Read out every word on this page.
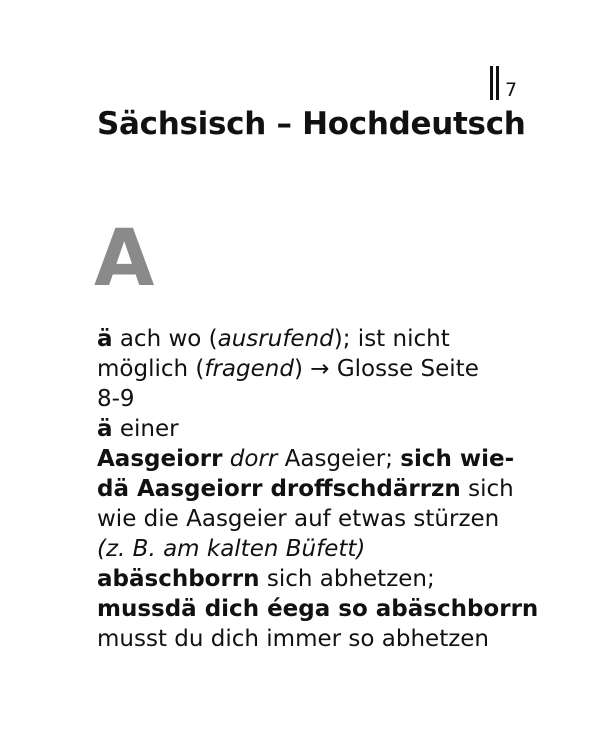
7
Sächsisch – Hochdeutsch
A

ä ach wo (ausrufend); ist nicht
möglich (fragend) → Glosse Seite
8-9

ä einer

Aasgeiorr dorr Aasgeier; sich wie-
dä Aasgeiorr droffschdärrzn sich
wie die Aasgeier auf etwas stürzen
(z. B. am kalten Büfett)

abäschborrn sich abhetzen;
mussdä dich éega so abäschborrn
musst du dich immer so abhetzen
